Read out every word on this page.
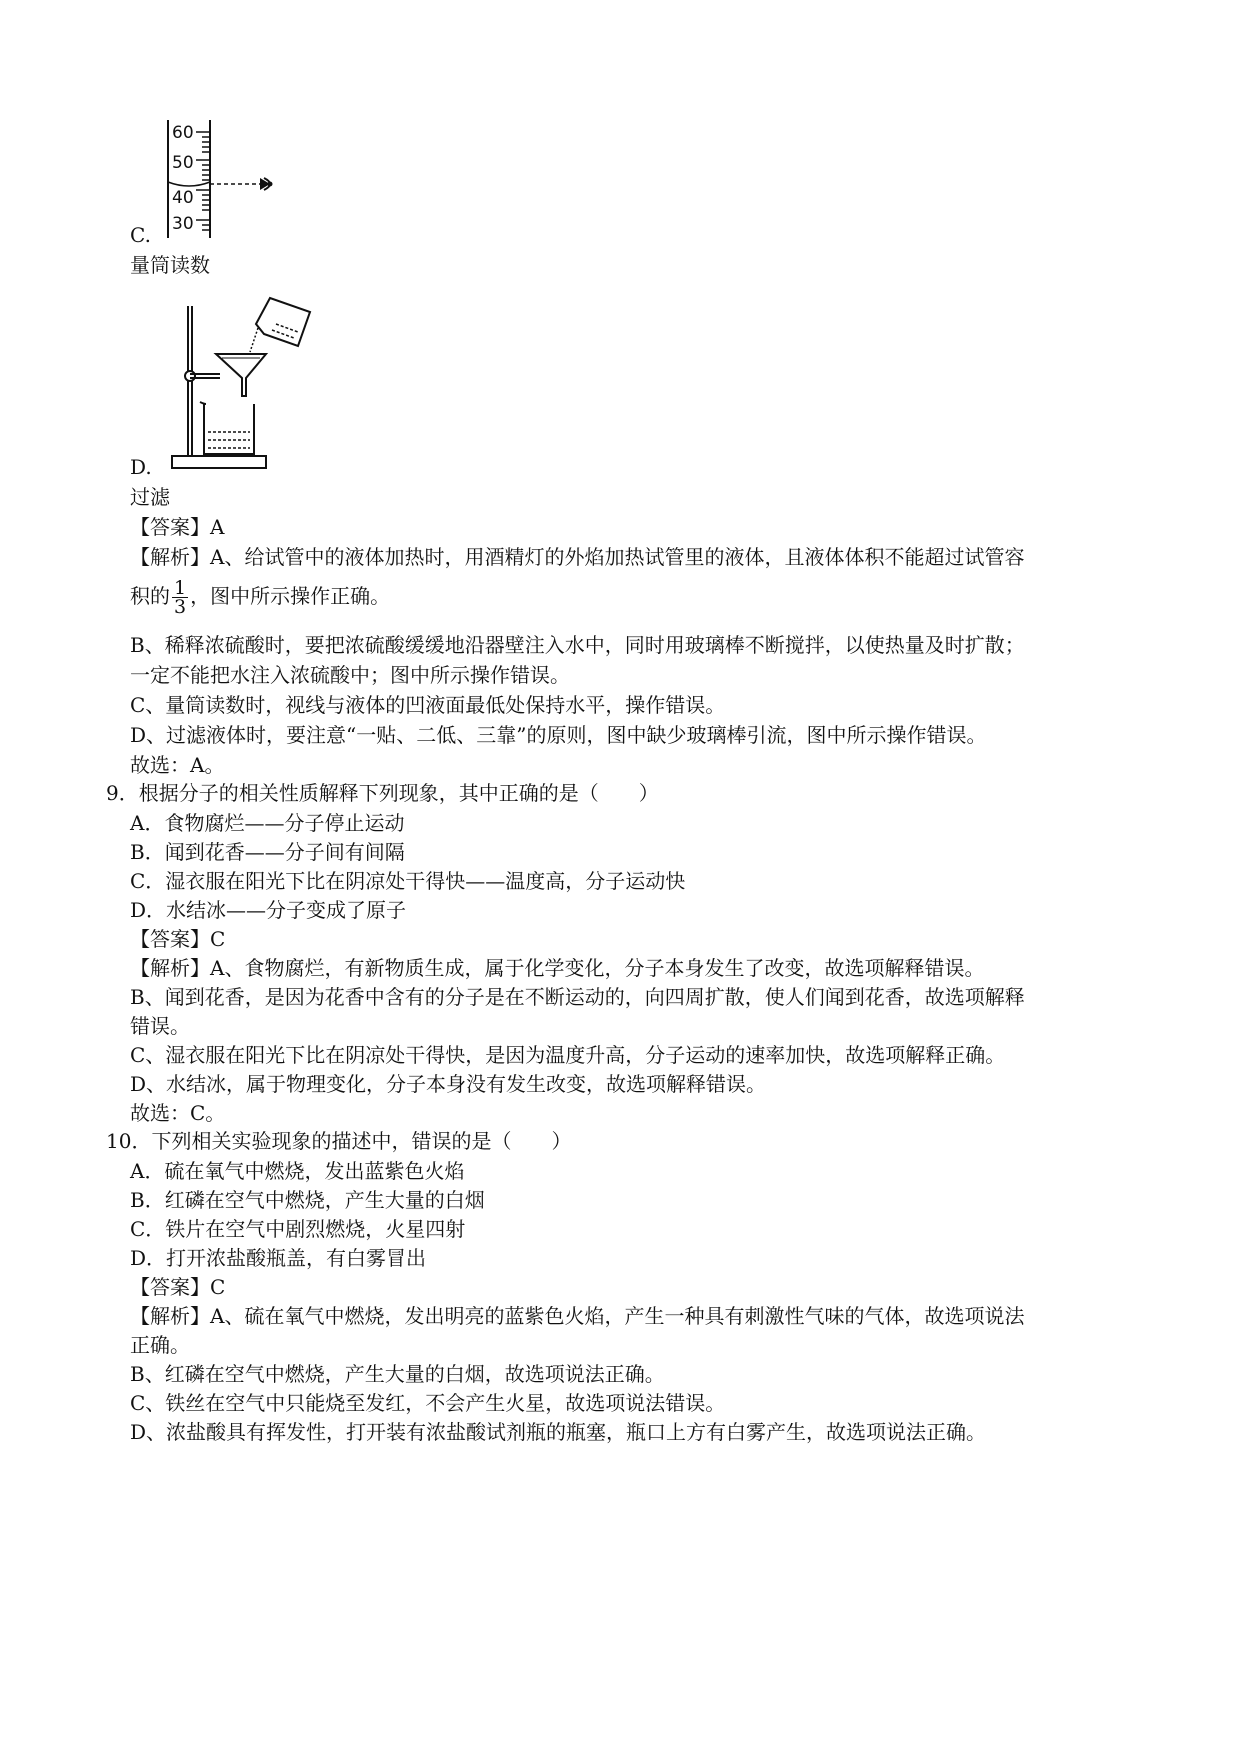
60
50
40
30
C.
量筒读数
D.
过滤
【答案】A
【解析】A、给试管中的液体加热时，用酒精灯的外焰加热试管里的液体，且液体体积不能超过试管容
积的 $\frac{1}{3}$ ，图中所示操作正确。
B、稀释浓硫酸时，要把浓硫酸缓缓地沿器壁注入水中，同时用玻璃棒不断搅拌，以使热量及时扩散；
一定不能把水注入浓硫酸中；图中所示操作错误。
C、量筒读数时，视线与液体的凹液面最低处保持水平，操作错误。
D、过滤液体时，要注意“一贴、二低、三靠”的原则，图中缺少玻璃棒引流，图中所示操作错误。
故选：A。
9．根据分子的相关性质解释下列现象，其中正确的是（　　）
A．食物腐烂——分子停止运动
B．闻到花香——分子间有间隔
C．湿衣服在阳光下比在阴凉处干得快——温度高，分子运动快
D．水结冰——分子变成了原子
【答案】C
【解析】A、食物腐烂，有新物质生成，属于化学变化，分子本身发生了改变，故选项解释错误。
B、闻到花香，是因为花香中含有的分子是在不断运动的，向四周扩散，使人们闻到花香，故选项解释
错误。
C、湿衣服在阳光下比在阴凉处干得快，是因为温度升高，分子运动的速率加快，故选项解释正确。
D、水结冰，属于物理变化，分子本身没有发生改变，故选项解释错误。
故选：C。
10．下列相关实验现象的描述中，错误的是（　　）
A．硫在氧气中燃烧，发出蓝紫色火焰
B．红磷在空气中燃烧，产生大量的白烟
C．铁片在空气中剧烈燃烧，火星四射
D．打开浓盐酸瓶盖，有白雾冒出
【答案】C
【解析】A、硫在氧气中燃烧，发出明亮的蓝紫色火焰，产生一种具有刺激性气味的气体，故选项说法
正确。
B、红磷在空气中燃烧，产生大量的白烟，故选项说法正确。
C、铁丝在空气中只能烧至发红，不会产生火星，故选项说法错误。
D、浓盐酸具有挥发性，打开装有浓盐酸试剂瓶的瓶塞，瓶口上方有白雾产生，故选项说法正确。
